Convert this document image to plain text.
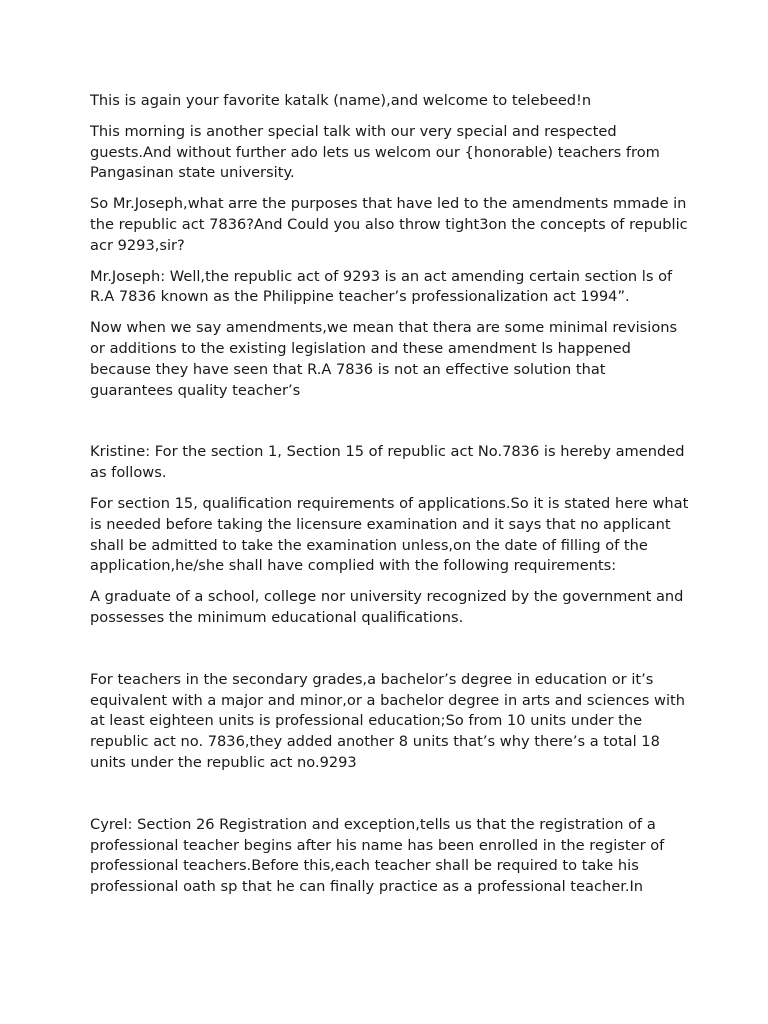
This is again your favorite katalk (name),and welcome to telebeed!n

This morning is another special talk with our very special and respected guests.And without further ado lets us welcom our {honorable) teachers from Pangasinan state university.

So Mr.Joseph,what arre the purposes that have led to the amendments mmade in the republic act 7836?And Could you also throw tight3on the concepts of republic acr 9293,sir?

Mr.Joseph: Well,the republic act of 9293 is an act amending certain section ls of R.A 7836 known as the Philippine teacher’s professionalization act 1994”.

Now when we say amendments,we mean that thera are some minimal revisions or additions to the existing legislation and these amendment ls happened because they have seen that R.A 7836 is not an effective solution that guarantees quality teacher’s

Kristine: For the section 1, Section 15 of republic act No.7836 is hereby amended as follows.

For section 15, qualification requirements of applications.So it is stated here what is needed before taking the licensure examination and it says that no applicant shall be admitted to take the examination unless,on the date of filling of the application,he/she shall have complied with the following requirements:

A graduate of a school, college nor university recognized by the government and possesses the minimum educational qualifications.

For teachers in the secondary grades,a bachelor’s degree in education or it’s equivalent with a major and minor,or a bachelor degree in arts and sciences with at least eighteen units is professional education;So from 10 units under the republic act no. 7836,they added another 8 units that’s why there’s a total 18 units under the republic act no.9293

Cyrel: Section 26 Registration and exception,tells us that the registration of a professional teacher begins after his name has been enrolled in the register of professional teachers.Before this,each teacher shall be required to take his professional oath sp that he can finally practice as a professional teacher.In
